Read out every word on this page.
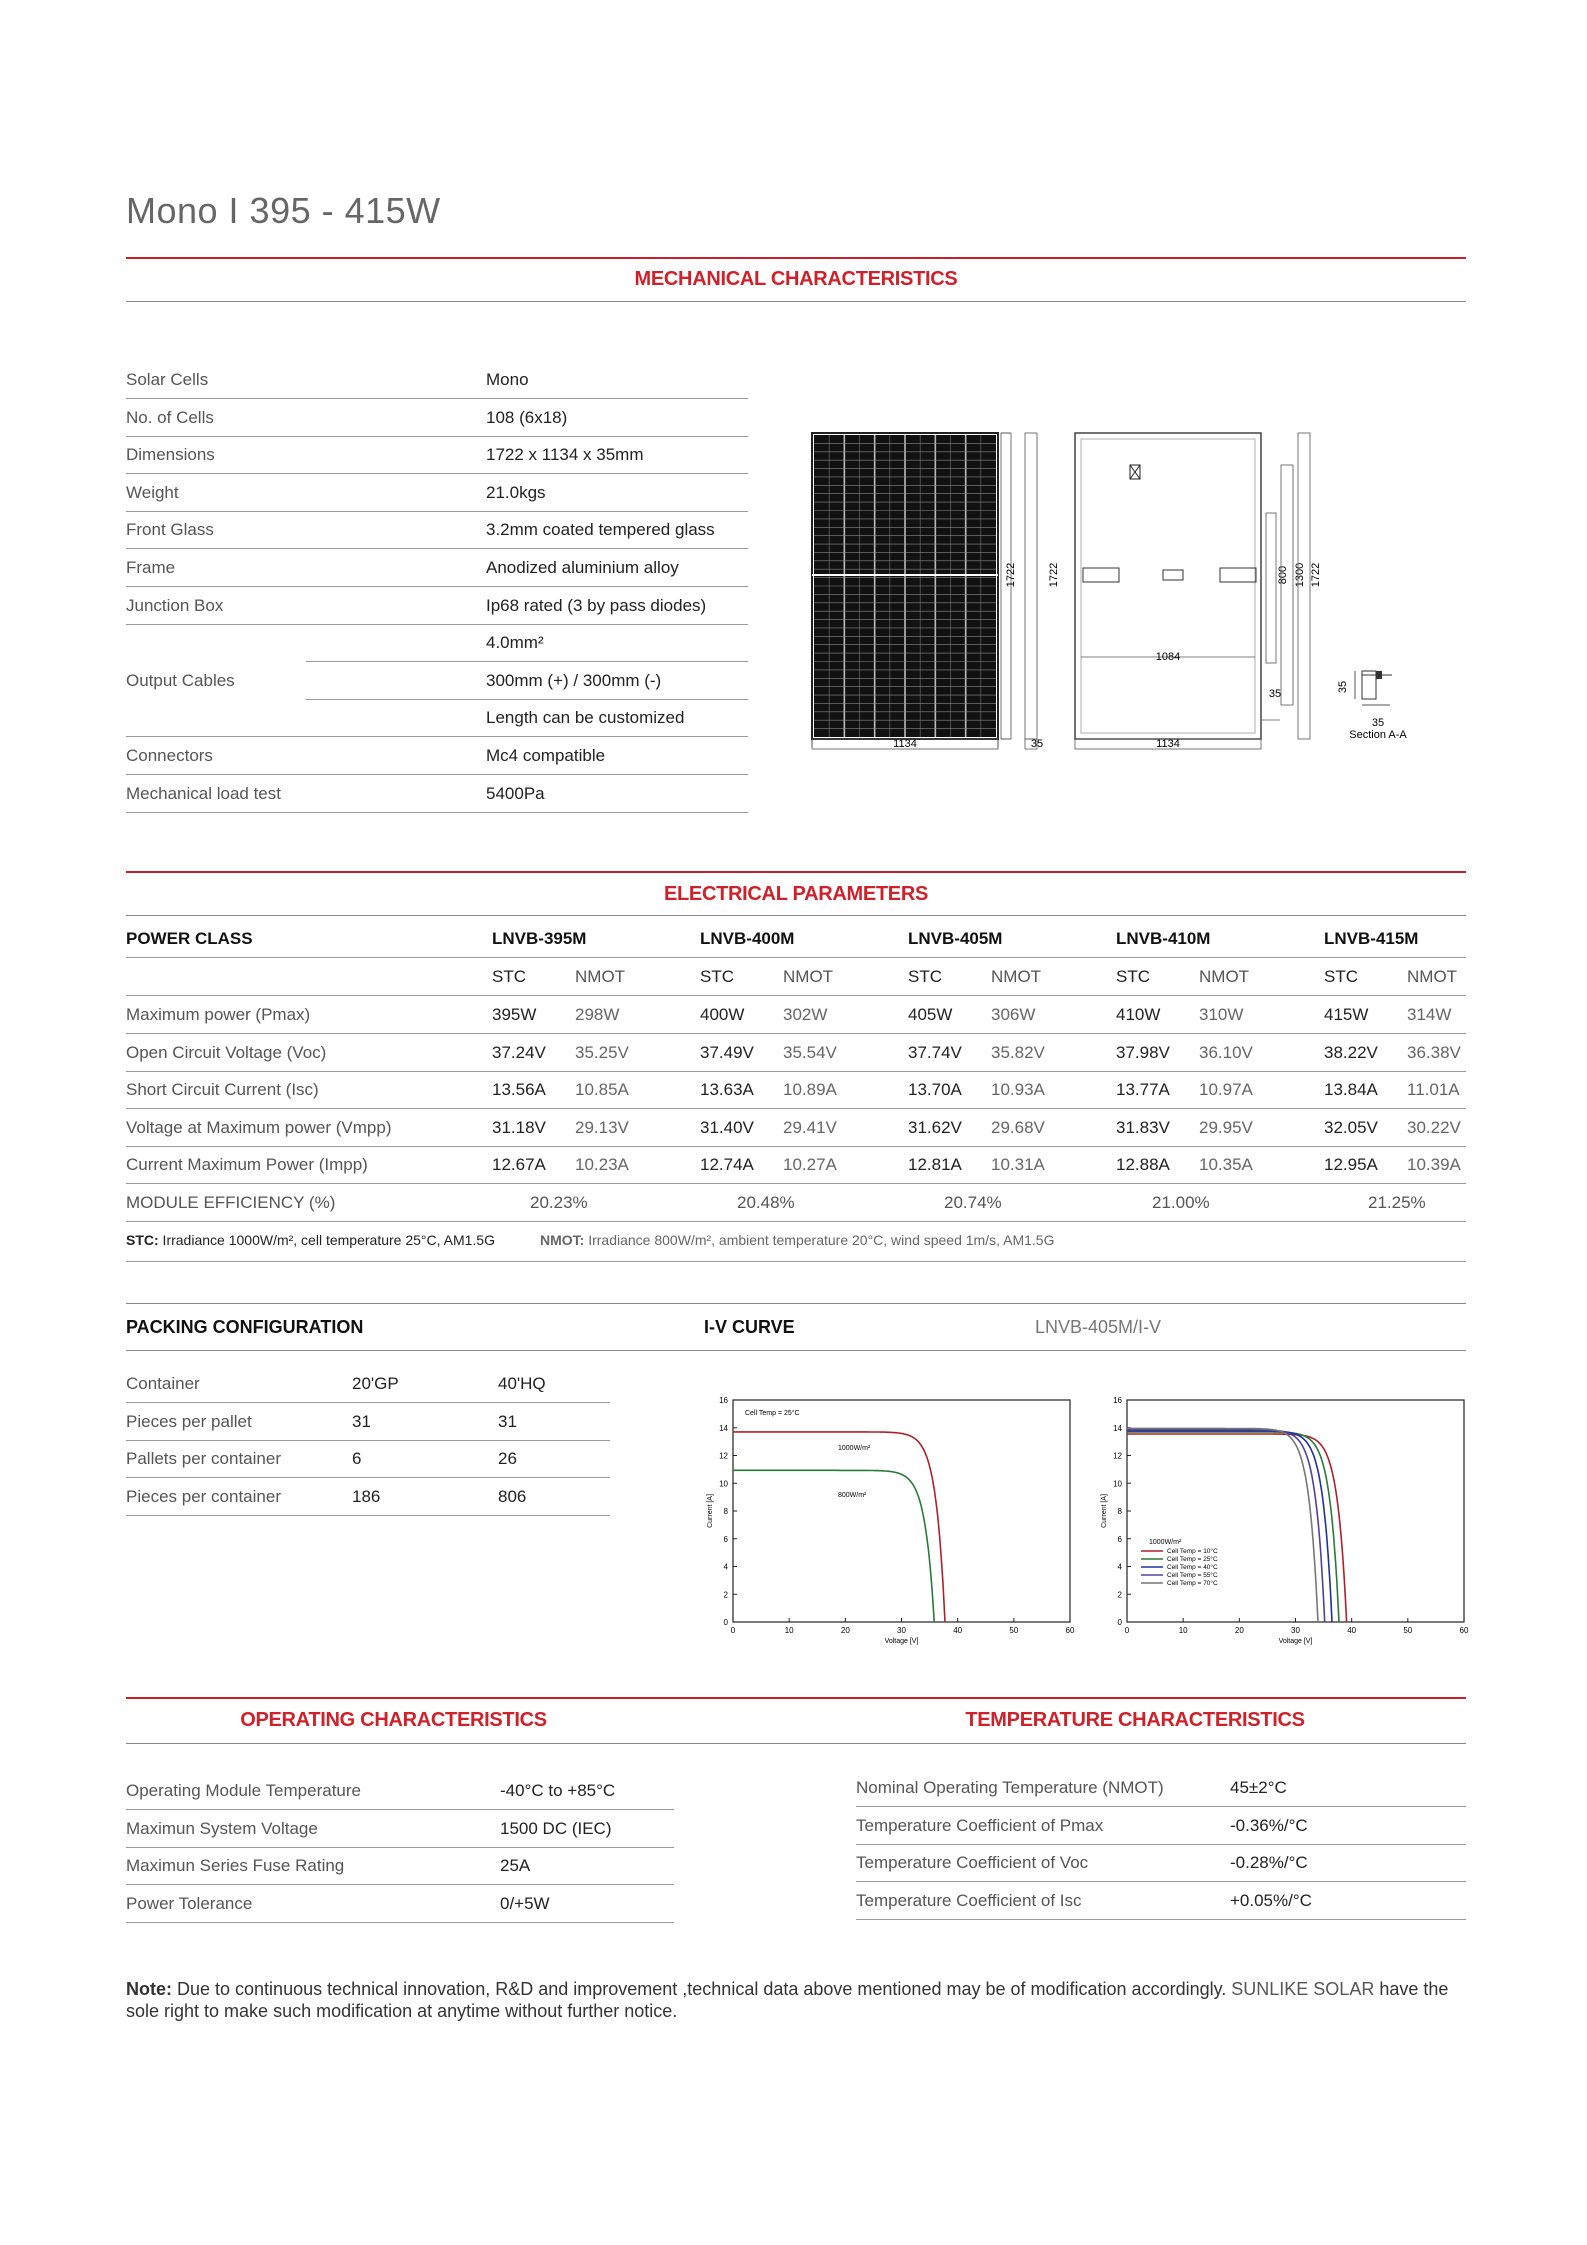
Mono I 395 - 415W
MECHANICAL CHARACTERISTICS
Solar Cells	Mono
No. of Cells	108 (6x18)
Dimensions	1722 x 1134 x 35mm
Weight	21.0kgs
Front Glass	3.2mm coated tempered glass
Frame	Anodized aluminium alloy
Junction Box	Ip68 rated (3 by pass diodes)
Output Cables
4.0mm²
300mm (+) / 300mm (-)
Length can be customized
Connectors	Mc4 compatible
Mechanical load test	5400Pa
1134
1722	1722
35
1084
1134
35
800 1300 1722
35
35
Section A-A
ELECTRICAL PARAMETERS
POWER CLASS	LNVB-395M	LNVB-400M	LNVB-405M	LNVB-410M	LNVB-415M
STC	NMOT	STC	NMOT	STC	NMOT	STC	NMOT	STC	NMOT
Maximum power (Pmax)	395W 298W	400W 302W	405W 306W	410W 310W	415W 314W
Open Circuit Voltage (Voc)	37.24V 35.25V	37.49V 35.54V	37.74V 35.82V	37.98V 36.10V	38.22V 36.38V
Short Circuit Current (Isc)	13.56A 10.85A	13.63A 10.89A	13.70A 10.93A	13.77A 10.97A	13.84A 11.01A
Voltage at Maximum power (Vmpp)	31.18V 29.13V	31.40V 29.41V	31.62V 29.68V	31.83V 29.95V	32.05V 30.22V
Current Maximum Power (Impp)	12.67A 10.23A	12.74A 10.27A	12.81A 10.31A	12.88A 10.35A	12.95A 10.39A
MODULE EFFICIENCY (%)	20.23%	20.48%	20.74%	21.00%	21.25%
STC: Irradiance 1000W/m², cell temperature 25°C, AM1.5G	NMOT: Irradiance 800W/m², ambient temperature 20°C, wind speed 1m/s, AM1.5G
PACKING CONFIGURATION	I-V CURVE	LNVB-405M/I-V
Container	20'GP	40'HQ
Pieces per pallet	31	31
Pallets per container	6	26
Pieces per container	186	806
0	10	20	30	40	50	60
0
2
4
6
8
10
12
14
16
Voltage [V]
Current [A]
Cell Temp = 25°C
1000W/m²
800W/m²
0	10	20	30	40	50	60
0
2
4
6
8
10
12
14
16
Voltage [V]
Current [A]
1000W/m²
Cell Temp = 10°C
Cell Temp = 25°C
Cell Temp = 40°C
Cell Temp = 55°C
Cell Temp = 70°C
OPERATING CHARACTERISTICS	TEMPERATURE CHARACTERISTICS
Operating Module Temperature	-40°C to +85°C
Maximun System Voltage	1500 DC (IEC)
Maximun Series Fuse Rating	25A
Power Tolerance	0/+5W
Nominal Operating Temperature (NMOT)	45±2°C
Temperature Coefficient of Pmax	-0.36%/°C
Temperature Coefficient of Voc	-0.28%/°C
Temperature Coefficient of Isc	+0.05%/°C
Note: Due to continuous technical innovation, R&D and improvement ,technical data above mentioned may be of modification accordingly. SUNLIKE SOLAR have the sole right to make such modification at anytime without further notice.
